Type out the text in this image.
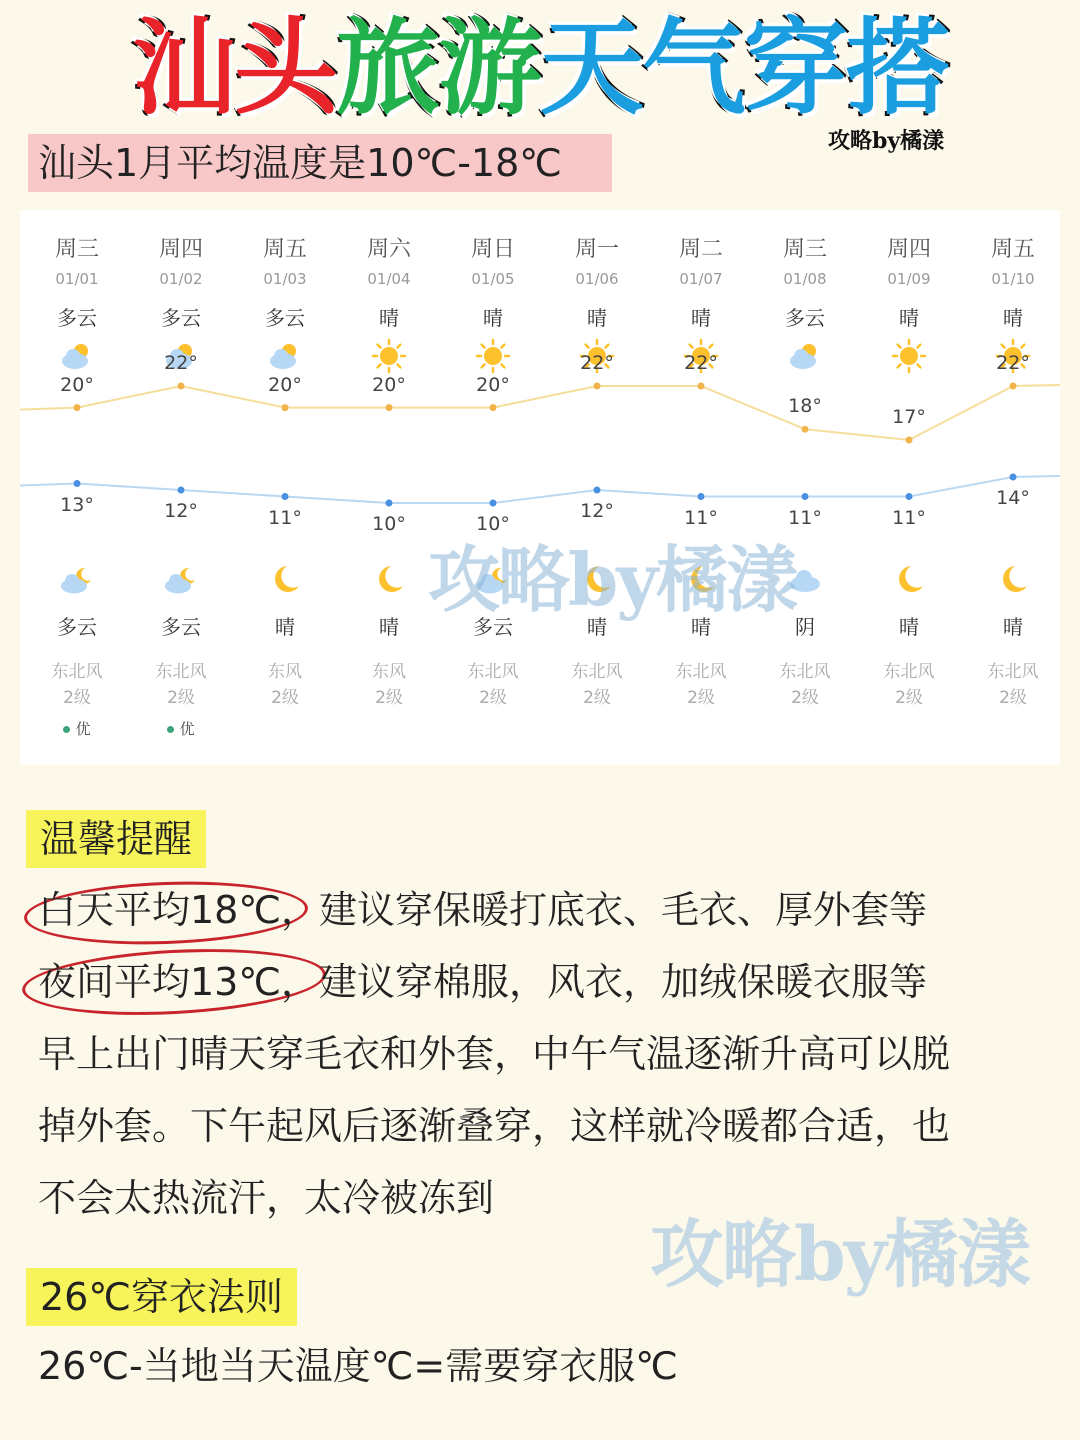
汕头旅游天气穿搭
攻略by橘漾
汕头1月平均温度是10℃-18℃
周三
01/01
多云
多云
东北风
2级
优
周四
01/02
多云
多云
东北风
2级
优
周五
01/03
多云
晴
东风
2级
周六
01/04
晴
晴
东风
2级
周日
01/05
晴
多云
东北风
2级
周一
01/06
晴
晴
东北风
2级
周二
01/07
晴
晴
东北风
2级
周三
01/08
多云
阴
东北风
2级
周四
01/09
晴
晴
东北风
2级
周五
01/10
晴
晴
东北风
2级
攻略by橘漾
20°
13°
22°
12°
20°
11°
20°
10°
20°
10°
22°
12°
22°
11°
18°
11°
17°
11°
22°
14°
温馨提醒
白天平均18℃，建议穿保暖打底衣、毛衣、厚外套等
夜间平均13℃，建议穿棉服，风衣，加绒保暖衣服等
早上出门晴天穿毛衣和外套，中午气温逐渐升高可以脱
掉外套。下午起风后逐渐叠穿，这样就冷暖都合适，也
不会太热流汗，太冷被冻到
攻略by橘漾
26℃穿衣法则
26℃-当地当天温度℃=需要穿衣服℃
